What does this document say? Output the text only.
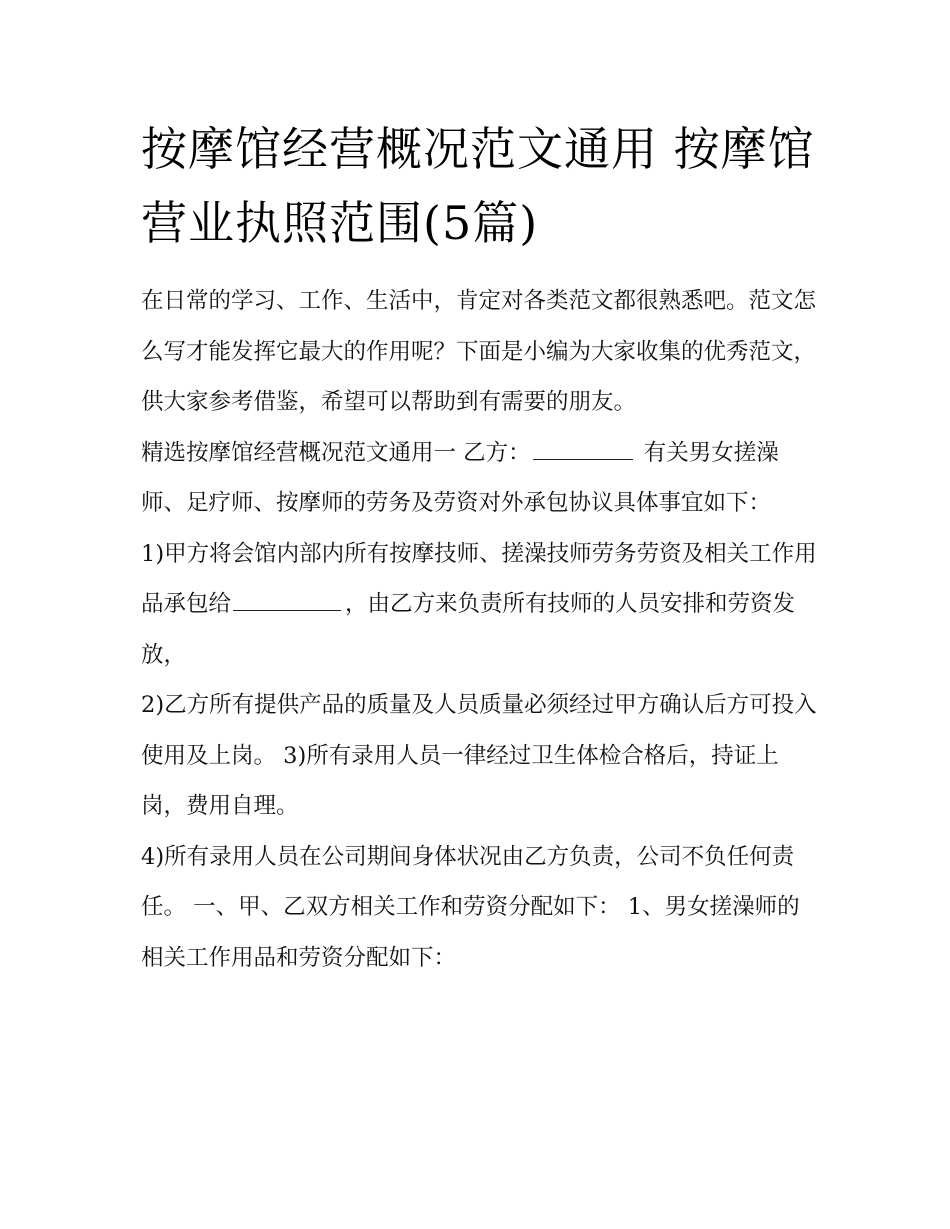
按摩馆经营概况范文通用 按摩馆营业执照范围(5篇)

在日常的学习、工作、生活中，肯定对各类范文都很熟悉吧。范文怎么写才能发挥它最大的作用呢？下面是小编为大家收集的优秀范文，供大家参考借鉴，希望可以帮助到有需要的朋友。

精选按摩馆经营概况范文通用一 乙方：	有关男女搓澡师、足疗师、按摩师的劳务及劳资对外承包协议具体事宜如下：

1)甲方将会馆内部内所有按摩技师、搓澡技师劳务劳资及相关工作用品承包给	，由乙方来负责所有技师的人员安排和劳资发放，

2)乙方所有提供产品的质量及人员质量必须经过甲方确认后方可投入使用及上岗。 3)所有录用人员一律经过卫生体检合格后，持证上岗，费用自理。

4)所有录用人员在公司期间身体状况由乙方负责，公司不负任何责任。 一、甲、乙双方相关工作和劳资分配如下： 1、男女搓澡师的相关工作用品和劳资分配如下：
